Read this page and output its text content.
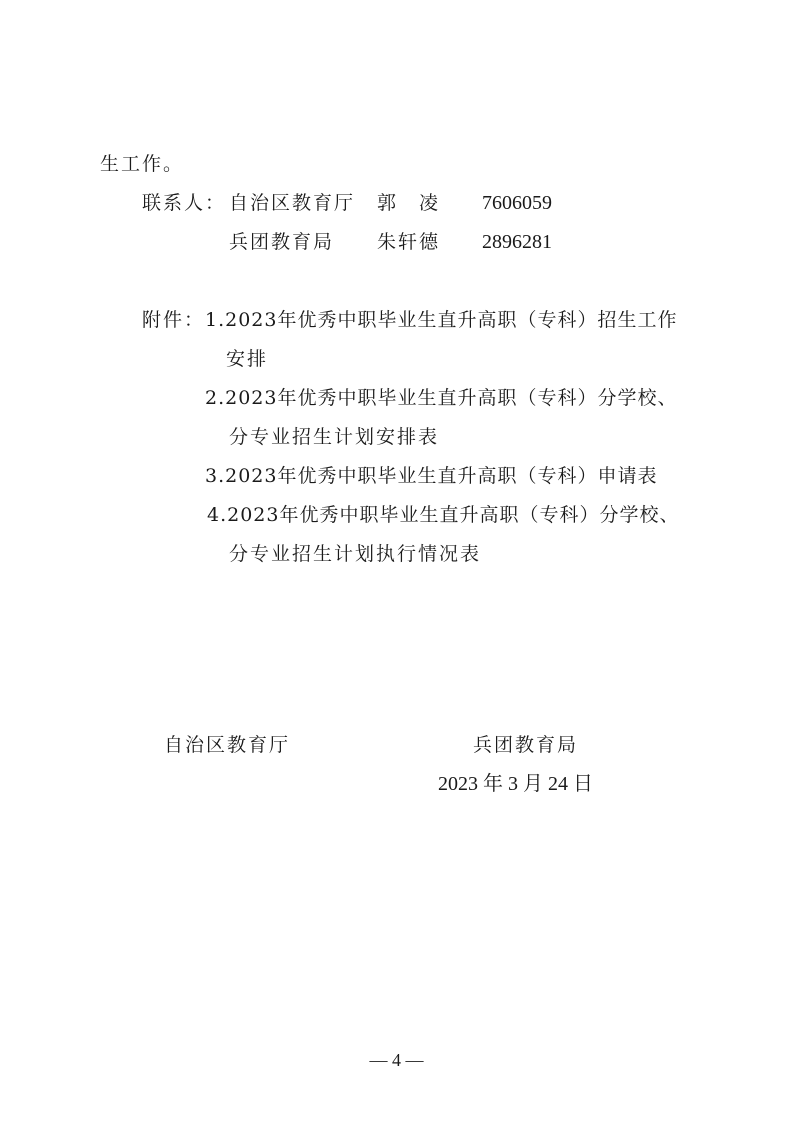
生工作。
联系人： 自治区教育厅 郭　凌 7606059
兵团教育局 朱轩德 2896281
附件： 1.2023年优秀中职毕业生直升高职（专科）招生工作
安排
2.2023年优秀中职毕业生直升高职（专科）分学校、
分专业招生计划安排表
3.2023年优秀中职毕业生直升高职（专科）申请表
4.2023年优秀中职毕业生直升高职（专科）分学校、
分专业招生计划执行情况表
自治区教育厅	兵团教育局
2023 年 3 月 24 日
— 4 —
